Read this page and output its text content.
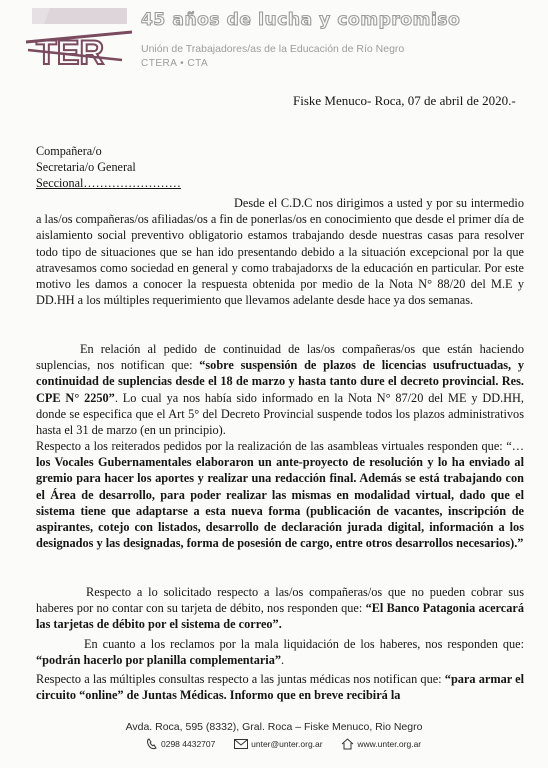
TER
45 años de lucha y compromiso
Unión de Trabajadores/as de la Educación de Río Negro
CTERA • CTA
Fiske Menuco- Roca, 07 de abril de 2020.-
Compañera/o
Secretaria/o General
Seccional……………………
Desde el C.D.C nos dirigimos a usted y por su intermedio a las/os compañeras/os afiliadas/os a fin de ponerlas/os en conocimiento que desde el primer día de aislamiento social preventivo obligatorio estamos trabajando desde nuestras casas para resolver todo tipo de situaciones que se han ido presentando debido a la situación excepcional por la que atravesamos como sociedad en general y como trabajadorxs de la educación en particular. Por este motivo les damos a conocer la respuesta obtenida por medio de la Nota N° 88/20 del M.E y DD.HH a los múltiples requerimiento que llevamos adelante desde hace ya dos semanas.
En relación al pedido de continuidad de las/os compañeras/os que están haciendo suplencias, nos notifican que: “sobre suspensión de plazos de licencias usufructuadas, y continuidad de suplencias desde el 18 de marzo y hasta tanto dure el decreto provincial. Res. CPE N° 2250”. Lo cual ya nos había sido informado en la Nota N° 87/20 del ME y DD.HH, donde se especifica que el Art 5° del Decreto Provincial suspende todos los plazos administrativos hasta el 31 de marzo (en un principio).
Respecto a los reiterados pedidos por la realización de las asambleas virtuales responden que: “…los Vocales Gubernamentales elaboraron un ante-proyecto de resolución y lo ha enviado al gremio para hacer los aportes y realizar una redacción final. Además se está trabajando con el Área de desarrollo, para poder realizar las mismas en modalidad virtual, dado que el sistema tiene que adaptarse a esta nueva forma (publicación de vacantes, inscripción de aspirantes, cotejo con listados, desarrollo de declaración jurada digital, información a los designados y las designadas, forma de posesión de cargo, entre otros desarrollos necesarios).”
Respecto a lo solicitado respecto a las/os compañeras/os que no pueden cobrar sus haberes por no contar con su tarjeta de débito, nos responden que: “El Banco Patagonia acercará las tarjetas de débito por el sistema de correo”.
En cuanto a los reclamos por la mala liquidación de los haberes, nos responden que: “podrán hacerlo por planilla complementaria”.
Respecto a las múltiples consultas respecto a las juntas médicas nos notifican que: “para armar el circuito “online” de Juntas Médicas. Informo que en breve recibirá la
Avda. Roca, 595 (8332), Gral. Roca – Fiske Menuco, Rio Negro
0298 4432707	unter@unter.org.ar	www.unter.org.ar
